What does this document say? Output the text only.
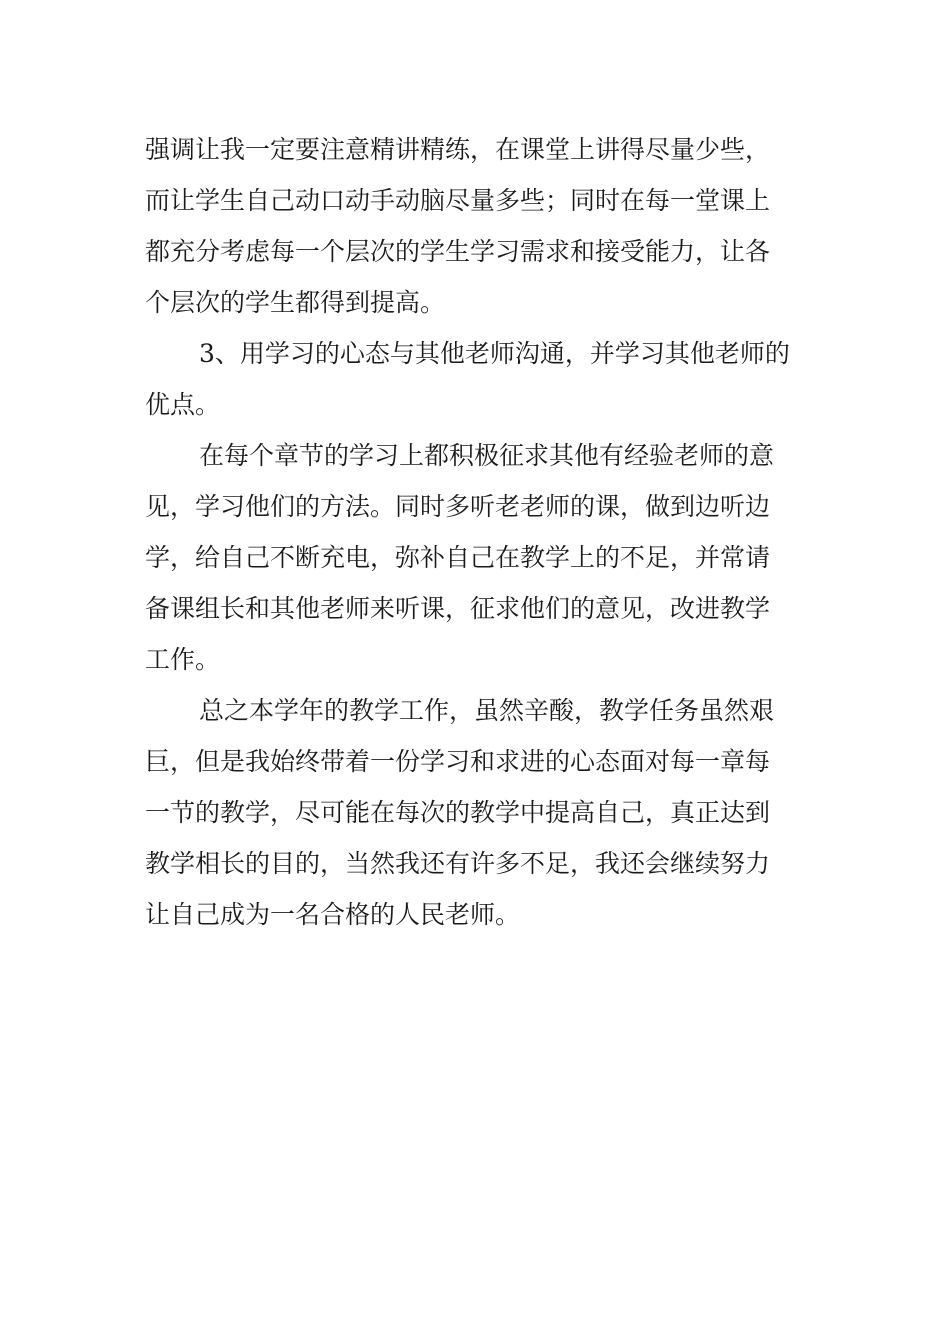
强调让我一定要注意精讲精练，在课堂上讲得尽量少些，
而让学生自己动口动手动脑尽量多些；同时在每一堂课上
都充分考虑每一个层次的学生学习需求和接受能力，让各
个层次的学生都得到提高。
3、用学习的心态与其他老师沟通，并学习其他老师的
优点。
在每个章节的学习上都积极征求其他有经验老师的意
见，学习他们的方法。同时多听老老师的课，做到边听边
学，给自己不断充电，弥补自己在教学上的不足，并常请
备课组长和其他老师来听课，征求他们的意见，改进教学
工作。
总之本学年的教学工作，虽然辛酸，教学任务虽然艰
巨，但是我始终带着一份学习和求进的心态面对每一章每
一节的教学，尽可能在每次的教学中提高自己，真正达到
教学相长的目的，当然我还有许多不足，我还会继续努力
让自己成为一名合格的人民老师。
